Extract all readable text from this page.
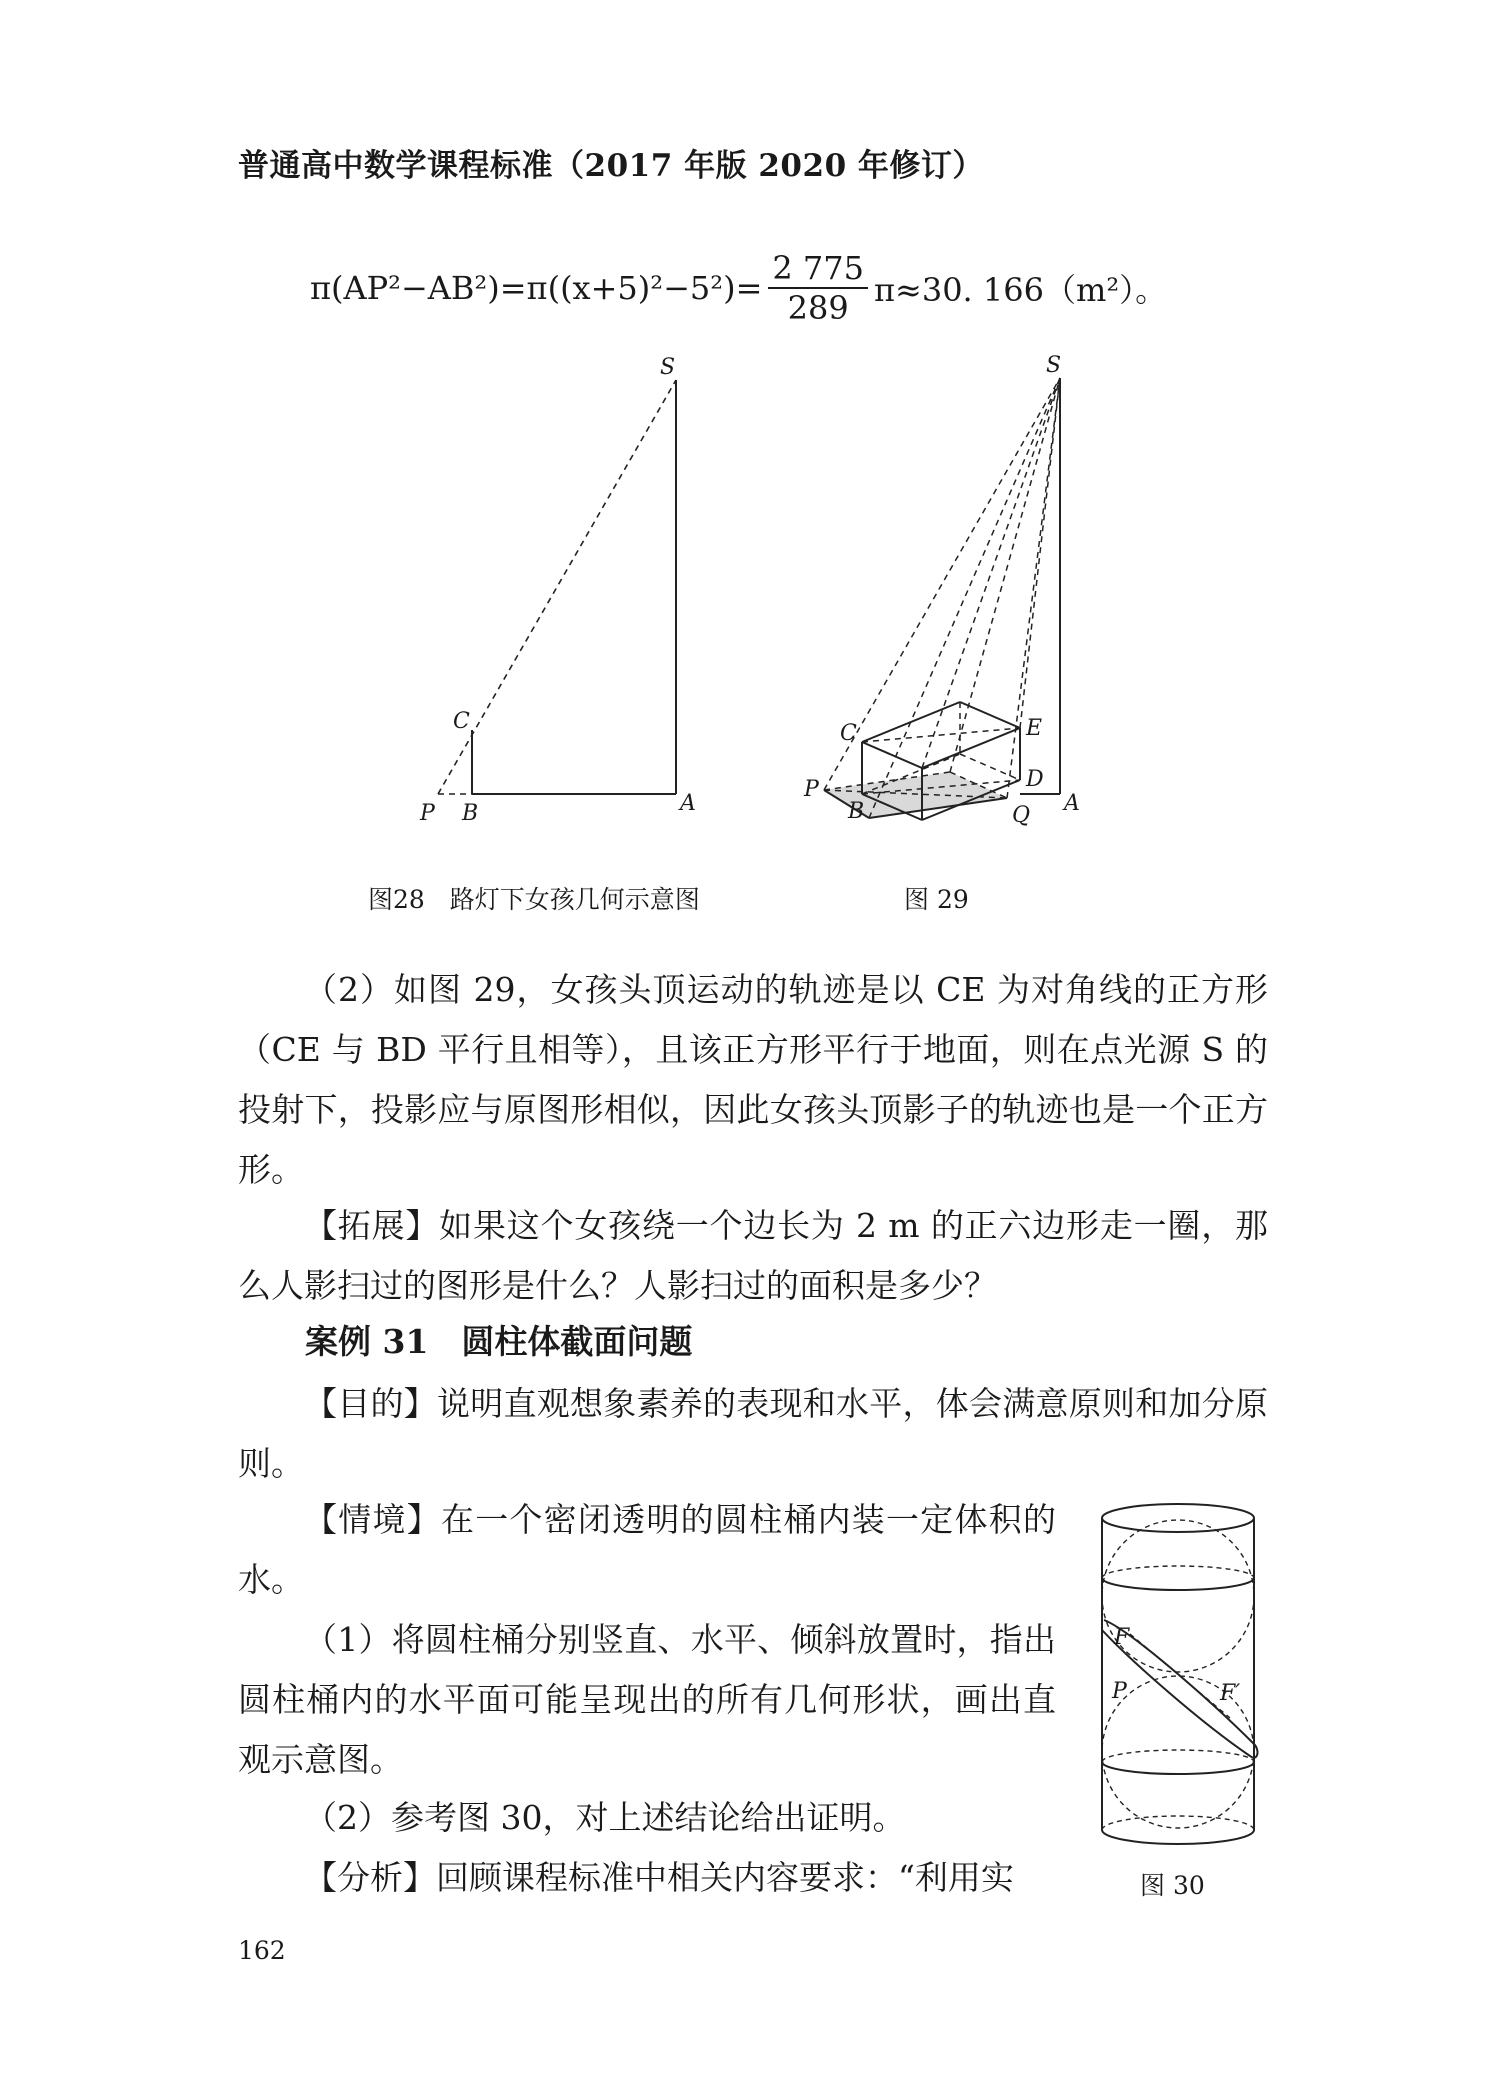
普通高中数学课程标准（2017 年版 2020 年修订）
$\pi(AP^2-AB^2)=\pi((x+5)^2-5^2)= \frac{2 775}{289} \pi\approx 30$. 166（m²）。
S
C
P B	A
图28　路灯下女孩几何示意图
S
C	E
D
P
B	Q A
图 29
（2）如图 29，女孩头顶运动的轨迹是以 CE 为对角线的正方形（CE 与 BD 平行且相等），且该正方形平行于地面，则在点光源 S 的投射下，投影应与原图形相似，因此女孩头顶影子的轨迹也是一个正方形。
【拓展】如果这个女孩绕一个边长为 2 m 的正六边形走一圈，那么人影扫过的图形是什么？人影扫过的面积是多少？
案例 31　圆柱体截面问题
【目的】说明直观想象素养的表现和水平，体会满意原则和加分原则。
【情境】在一个密闭透明的圆柱桶内装一定体积的水。
（1）将圆柱桶分别竖直、水平、倾斜放置时，指出圆柱桶内的水平面可能呈现出的所有几何形状，画出直观示意图。
（2）参考图 30，对上述结论给出证明。
【分析】回顾课程标准中相关内容要求：“利用实
F
P	F′
图 30
162
